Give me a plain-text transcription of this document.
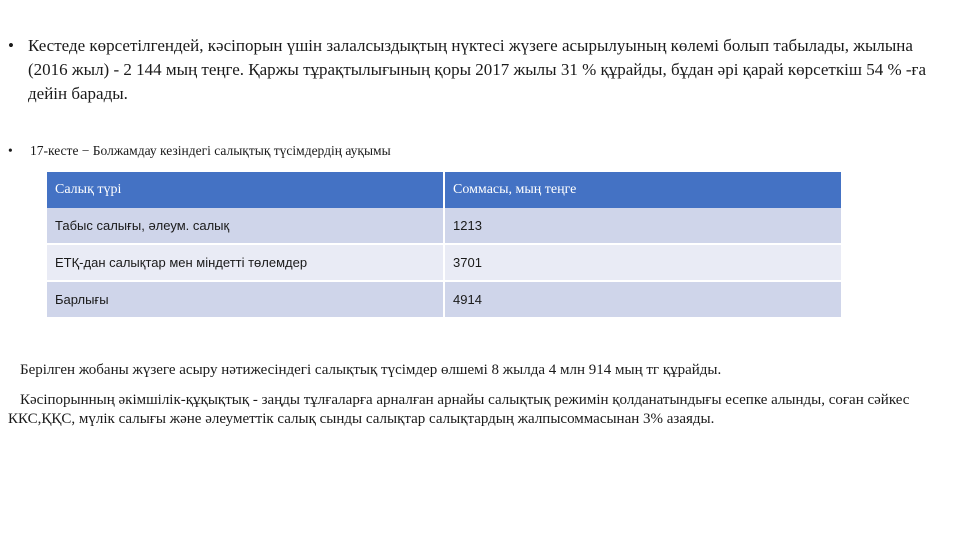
• Кестеде көрсетілгендей, кәсіпорын үшін залалсыздықтың нүктесі жүзеге асырылуының көлемі болып табылады, жылына (2016 жыл) - 2 144 мың теңге. Қаржы тұрақтылығының қоры 2017 жылы 31 % құрайды, бұдан әрі қарай көрсеткіш 54 % -ға дейін барады.
• 17-кесте − Болжамдау кезіндегі салықтық түсімдердің ауқымы
Салық түрі	Соммасы, мың теңге
Табыс салығы, әлеум. салық	1213
ЕТҚ-дан салықтар мен міндетті төлемдер	3701
Барлығы	4914
Берілген жобаны жүзеге асыру нәтижесіндегі салықтық түсімдер өлшемі 8 жылда 4 млн 914 мың тг құрайды.
Кәсіпорынның әкімшілік-құқықтық - заңды тұлғаларға арналған арнайы салықтық режимін қолданатындығы есепке алынды, соған сәйкес ККС,ҚҚС, мүлік салығы және әлеуметтік салық сынды салықтар салықтардың жалпысоммасынан 3% азаяды.
